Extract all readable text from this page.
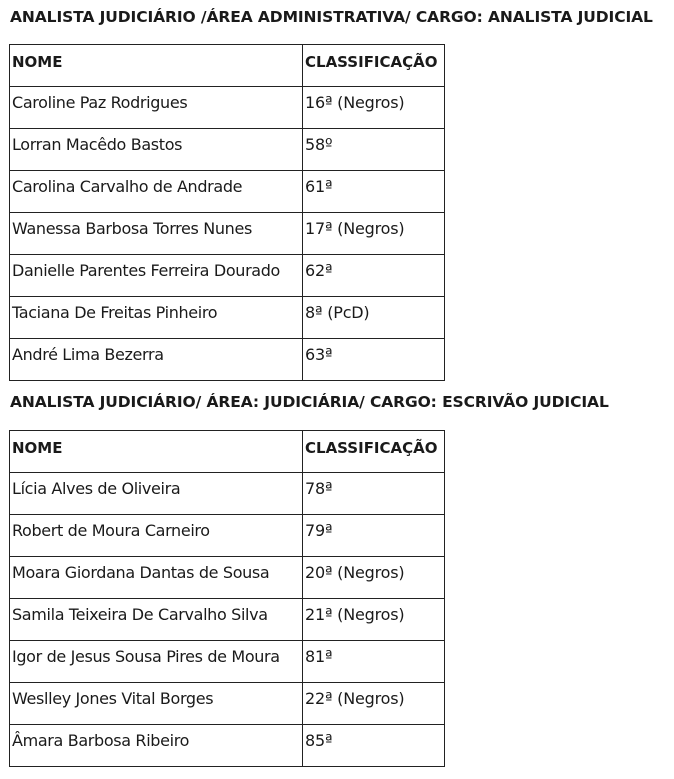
ANALISTA JUDICIÁRIO /ÁREA ADMINISTRATIVA/ CARGO: ANALISTA JUDICIAL
NOME	CLASSIFICAÇÃO
Caroline Paz Rodrigues	16ª (Negros)
Lorran Macêdo Bastos	58º
Carolina Carvalho de Andrade	61ª
Wanessa Barbosa Torres Nunes	17ª (Negros)
Danielle Parentes Ferreira Dourado	62ª
Taciana De Freitas Pinheiro	8ª (PcD)
André Lima Bezerra	63ª
ANALISTA JUDICIÁRIO/ ÁREA: JUDICIÁRIA/ CARGO: ESCRIVÃO JUDICIAL
NOME	CLASSIFICAÇÃO
Lícia Alves de Oliveira	78ª
Robert de Moura Carneiro	79ª
Moara Giordana Dantas de Sousa	20ª (Negros)
Samila Teixeira De Carvalho Silva	21ª (Negros)
Igor de Jesus Sousa Pires de Moura	81ª
Weslley Jones Vital Borges	22ª (Negros)
Âmara Barbosa Ribeiro	85ª
